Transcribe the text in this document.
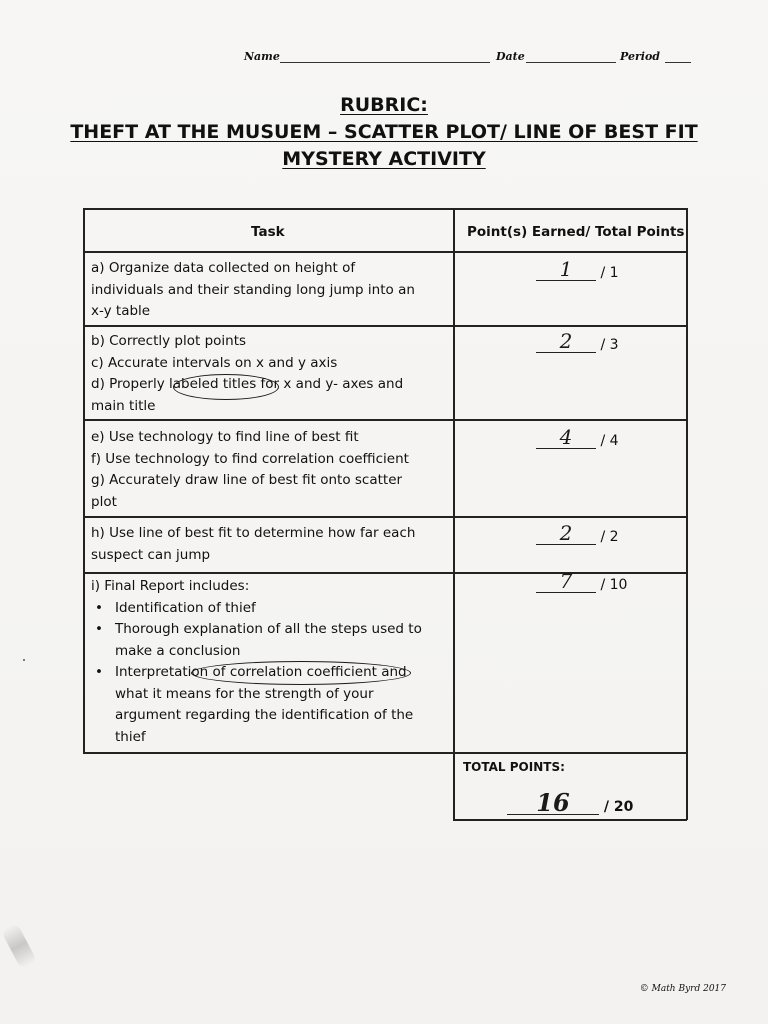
Name	Date	Period
RUBRIC:
THEFT AT THE MUSUEM – SCATTER PLOT/ LINE OF BEST FIT
MYSTERY ACTIVITY
Task	Point(s) Earned/ Total Points
a) Organize data collected on height of
individuals and their standing long jump into an
x-y table
1	/ 1
b) Correctly plot points
c) Accurate intervals on x and y axis
d) Properly labeled titles for x and y- axes and
main title
2	/ 3
e) Use technology to find line of best fit
f) Use technology to find correlation coefficient
g) Accurately draw line of best fit onto scatter
plot
4	/ 4
h) Use line of best fit to determine how far each
suspect can jump
2	/ 2
i) Final Report includes:
• Identification of thief
• Thorough explanation of all the steps used to
make a conclusion
• Interpretation of correlation coefficient and
what it means for the strength of your
argument regarding the identification of the
thief
7	/ 10
TOTAL POINTS:
16	/ 20
© Math Byrd 2017
